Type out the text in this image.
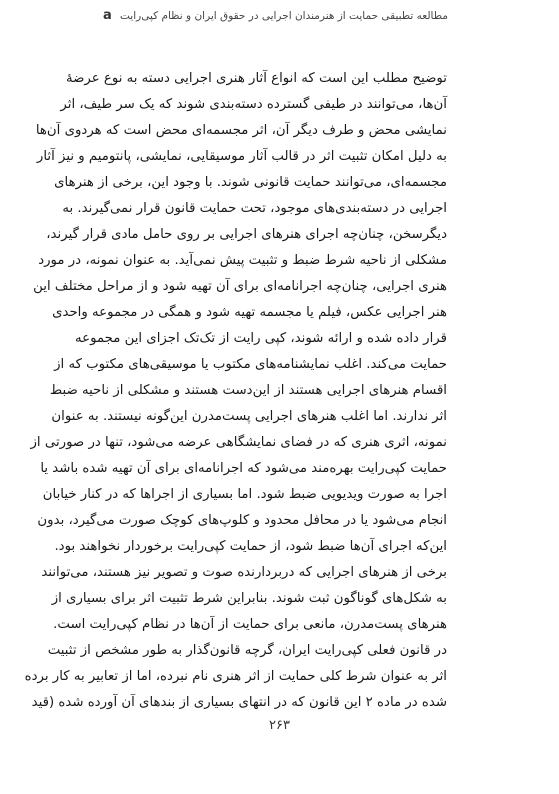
a مطالعه تطبیقی حمایت از هنرمندان اجرایی در حقوق ایران و نظام کپی‌رایت
توضیح مطلب این است که انواع آثار هنری اجرایی دسته به نوع عرضهٔ
آن‌ها، می‌توانند در طیفی گسترده دسته‌بندی شوند که یک سر طیف، اثر
نمایشی محض و طرف دیگر آن، اثر مجسمه‌ای محض است که هردوی آن‌ها
به دلیل امکان تثبیت اثر در قالب آثار موسیقایی، نمایشی، پانتومیم و نیز آثار
مجسمه‌ای، می‌توانند حمایت قانونی شوند. با وجود این، برخی از هنرهای
اجرایی در دسته‌بندی‌های موجود، تحت حمایت قانون قرار نمی‌گیرند. به
دیگرسخن، چنان‌چه اجرای هنرهای اجرایی بر روی حامل مادی قرار گیرند،
مشکلی از ناحیه شرط ضبط و تثبیت پیش نمی‌آید. به عنوان نمونه، در مورد
هنری اجرایی، چنان‌چه اجرانامه‌ای برای آن تهیه شود و از مراحل مختلف این
هنر اجرایی عکس، فیلم یا مجسمه تهیه شود و همگی در مجموعه واحدی
قرار داده شده و ارائه شوند، کپی رایت از تک‌تک اجزای این مجموعه
حمایت می‌کند. اغلب نمایشنامه‌های مکتوب یا موسیقی‌های مکتوب که از
اقسام هنرهای اجرایی هستند از این‌دست هستند و مشکلی از ناحیه ضبط
اثر ندارند. اما اغلب هنرهای اجرایی پست‌مدرن این‌گونه نیستند. به عنوان
نمونه، اثری هنری که در فضای نمایشگاهی عرضه می‌شود، تنها در صورتی از
حمایت کپی‌رایت بهره‌مند می‌شود که اجرانامه‌ای برای آن تهیه شده باشد یا
اجرا به صورت ویدیویی ضبط شود. اما بسیاری از اجراها که در کنار خیابان
انجام می‌شود یا در محافل محدود و کلوپ‌های کوچک صورت می‌گیرد، بدون
این‌که اجرای آن‌ها ضبط شود، از حمایت کپی‌رایت برخوردار نخواهند بود.
برخی از هنرهای اجرایی که دربردارنده صوت و تصویر نیز هستند، می‌توانند
به شکل‌های گوناگون ثبت شوند. بنابراین شرط تثبیت اثر برای بسیاری از
هنرهای پست‌مدرن، مانعی برای حمایت از آن‌ها در نظام کپی‌رایت است.
در قانون فعلی کپی‌رایت ایران، گرچه قانون‌گذار به طور مشخص از تثبیت
اثر به عنوان شرط کلی حمایت از اثر هنری نام نبرده، اما از تعابیر به کار برده
شده در ماده ۲ این قانون که در انتهای بسیاری از بندهای آن آورده شده (قید
۲۶۳
